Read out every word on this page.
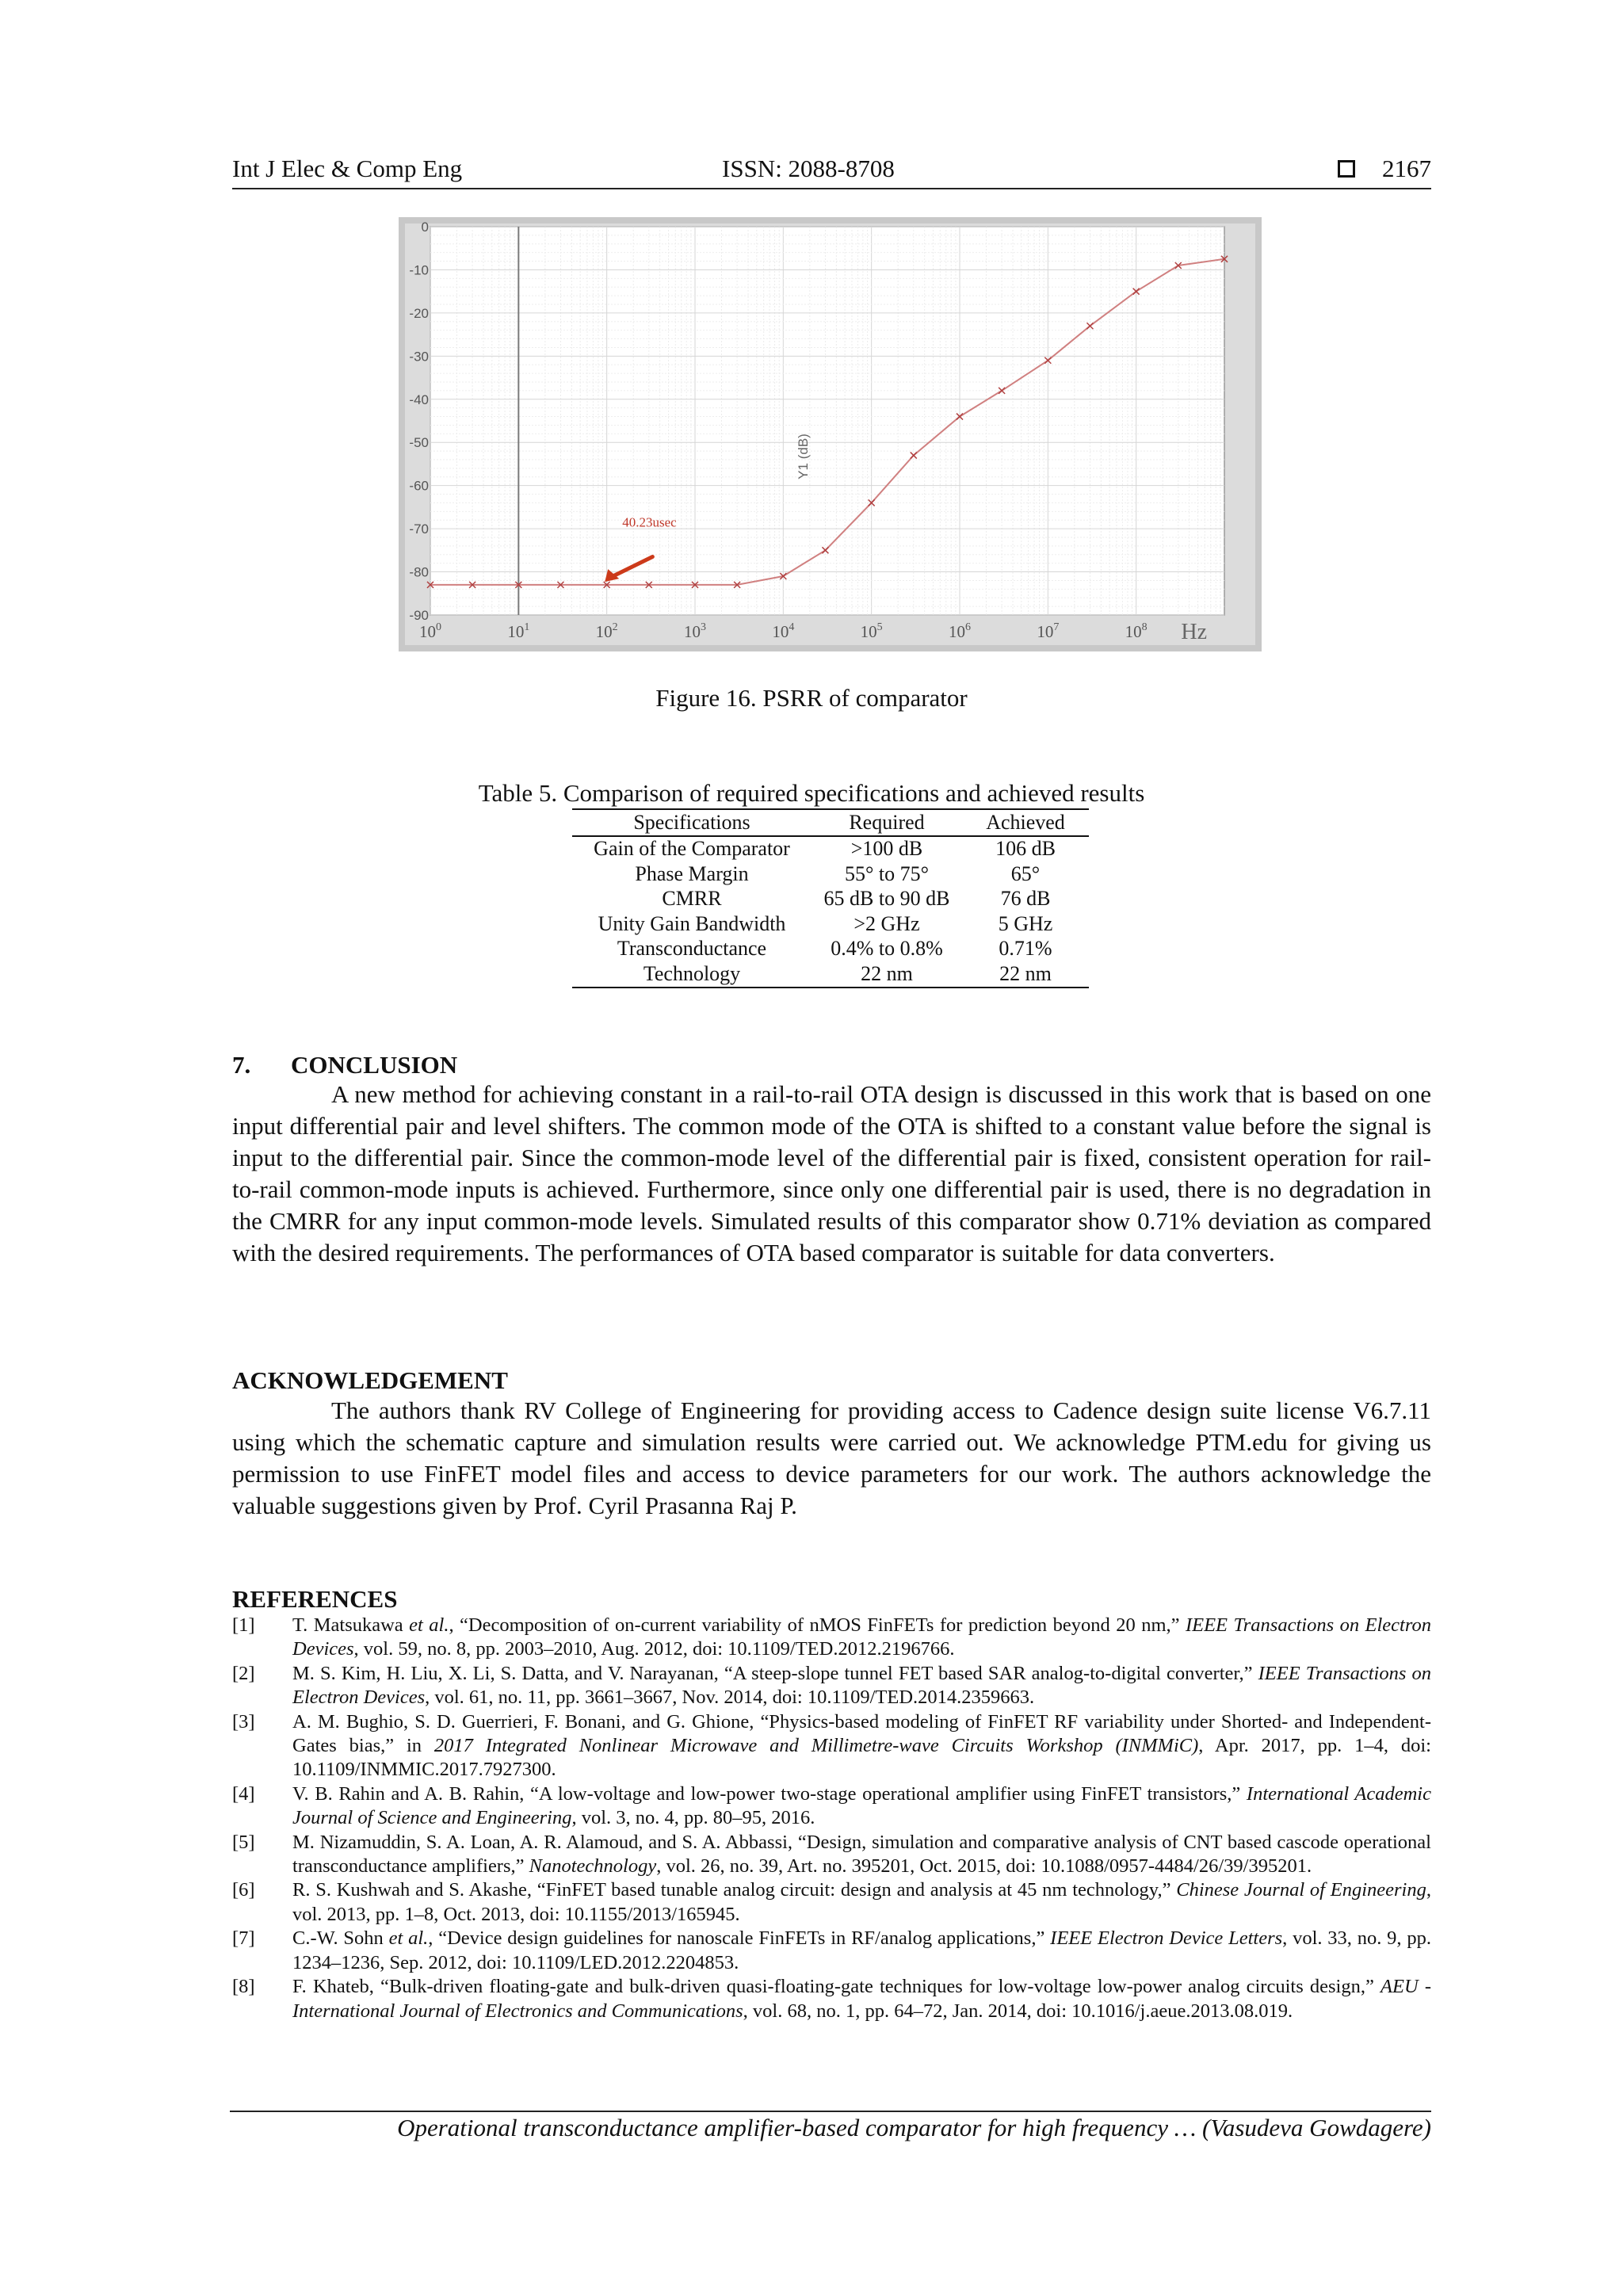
Int J Elec & Comp Eng	ISSN: 2088-8708	2167
0
-10
-20
-30
-40
-50
-60
-70
-80
-90
$10^0$	$10^1$	$10^2$	$10^3$	$10^4$	$10^5$	$10^6$	$10^7$	$10^8$
Y1 (dB)
Hz
40.23usec
Figure 16. PSRR of comparator
Table 5. Comparison of required specifications and achieved results
Specifications	Required	Achieved
Gain of the Comparator	>100 dB	106 dB
Phase Margin	55° to 75°	65°
CMRR	65 dB to 90 dB	76 dB
Unity Gain Bandwidth	>2 GHz	5 GHz
Transconductance	0.4% to 0.8%	0.71%
Technology	22 nm	22 nm
7. CONCLUSION

A new method for achieving constant in a rail-to-rail OTA design is discussed in this work that is based on one input differential pair and level shifters. The common mode of the OTA is shifted to a constant value before the signal is input to the differential pair. Since the common-mode level of the differential pair is fixed, consistent operation for rail-to-rail common-mode inputs is achieved. Furthermore, since only one differential pair is used, there is no degradation in the CMRR for any input common-mode levels. Simulated results of this comparator show 0.71% deviation as compared with the desired requirements. The performances of OTA based comparator is suitable for data converters.

ACKNOWLEDGEMENT

The authors thank RV College of Engineering for providing access to Cadence design suite license V6.7.11 using which the schematic capture and simulation results were carried out. We acknowledge PTM.edu for giving us permission to use FinFET model files and access to device parameters for our work. The authors acknowledge the valuable suggestions given by Prof. Cyril Prasanna Raj P.

REFERENCES
[1]	T. Matsukawa et al., “Decomposition of on-current variability of nMOS FinFETs for prediction beyond 20 nm,” IEEE Transactions on Electron Devices, vol. 59, no. 8, pp. 2003–2010, Aug. 2012, doi: 10.1109/TED.2012.2196766.
[2]	M. S. Kim, H. Liu, X. Li, S. Datta, and V. Narayanan, “A steep-slope tunnel FET based SAR analog-to-digital converter,” IEEE Transactions on Electron Devices, vol. 61, no. 11, pp. 3661–3667, Nov. 2014, doi: 10.1109/TED.2014.2359663.
[3]	A. M. Bughio, S. D. Guerrieri, F. Bonani, and G. Ghione, “Physics-based modeling of FinFET RF variability under Shorted- and Independent-Gates bias,” in 2017 Integrated Nonlinear Microwave and Millimetre-wave Circuits Workshop (INMMiC), Apr. 2017, pp. 1–4, doi: 10.1109/INMMIC.2017.7927300.
[4]	V. B. Rahin and A. B. Rahin, “A low-voltage and low-power two-stage operational amplifier using FinFET transistors,” International Academic Journal of Science and Engineering, vol. 3, no. 4, pp. 80–95, 2016.
[5]	M. Nizamuddin, S. A. Loan, A. R. Alamoud, and S. A. Abbassi, “Design, simulation and comparative analysis of CNT based cascode operational transconductance amplifiers,” Nanotechnology, vol. 26, no. 39, Art. no. 395201, Oct. 2015, doi: 10.1088/0957-4484/26/39/395201.
[6]	R. S. Kushwah and S. Akashe, “FinFET based tunable analog circuit: design and analysis at 45 nm technology,” Chinese Journal of Engineering, vol. 2013, pp. 1–8, Oct. 2013, doi: 10.1155/2013/165945.
[7]	C.-W. Sohn et al., “Device design guidelines for nanoscale FinFETs in RF/analog applications,” IEEE Electron Device Letters, vol. 33, no. 9, pp. 1234–1236, Sep. 2012, doi: 10.1109/LED.2012.2204853.
[8]	F. Khateb, “Bulk-driven floating-gate and bulk-driven quasi-floating-gate techniques for low-voltage low-power analog circuits design,” AEU - International Journal of Electronics and Communications, vol. 68, no. 1, pp. 64–72, Jan. 2014, doi: 10.1016/j.aeue.2013.08.019.
Operational transconductance amplifier-based comparator for high frequency … (Vasudeva Gowdagere)
